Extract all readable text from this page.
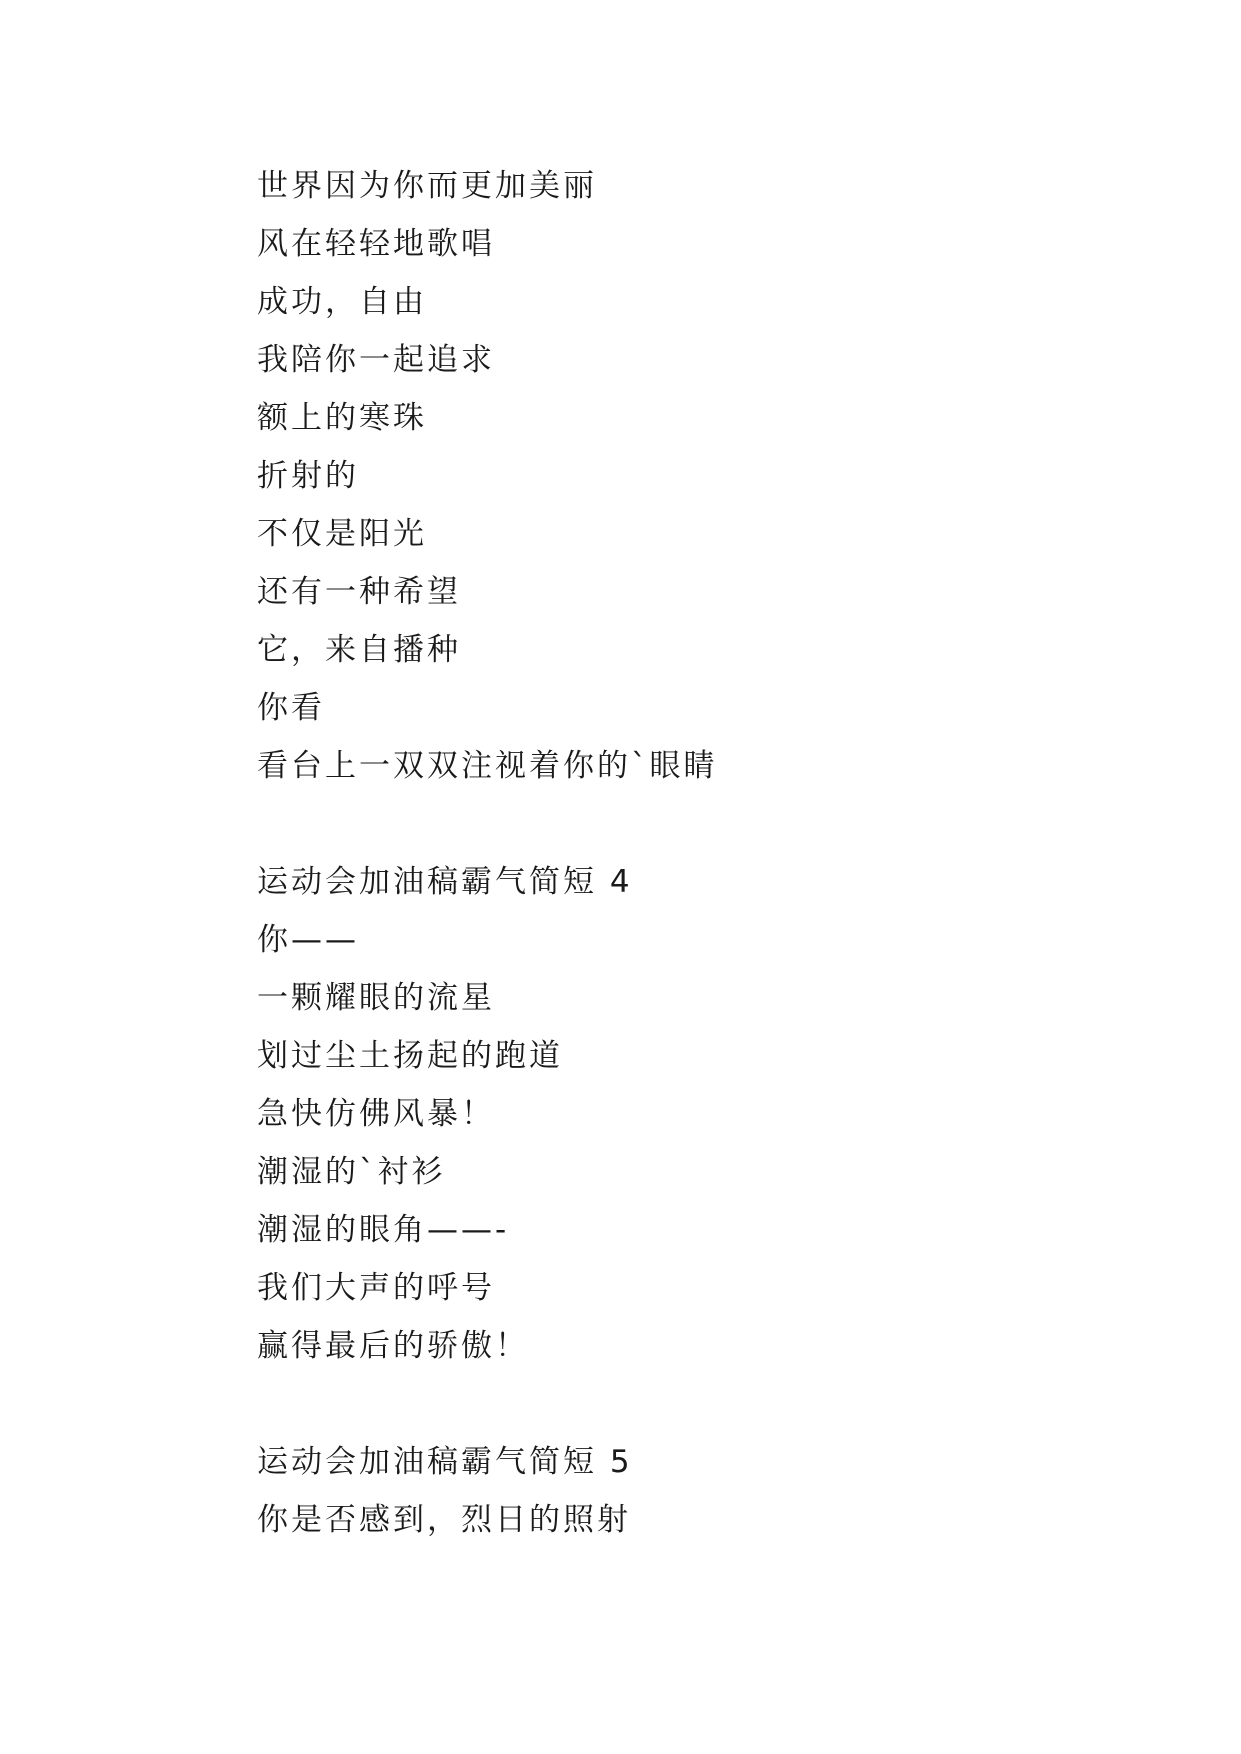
世界因为你而更加美丽
风在轻轻地歌唱
成功，自由
我陪你一起追求
额上的寒珠
折射的
不仅是阳光
还有一种希望
它，来自播种
你看
看台上一双双注视着你的`眼睛
运动会加油稿霸气简短 4
你——
一颗耀眼的流星
划过尘土扬起的跑道
急快仿佛风暴！
潮湿的`衬衫
潮湿的眼角——-
我们大声的呼号
赢得最后的骄傲！
运动会加油稿霸气简短 5
你是否感到，烈日的照射
